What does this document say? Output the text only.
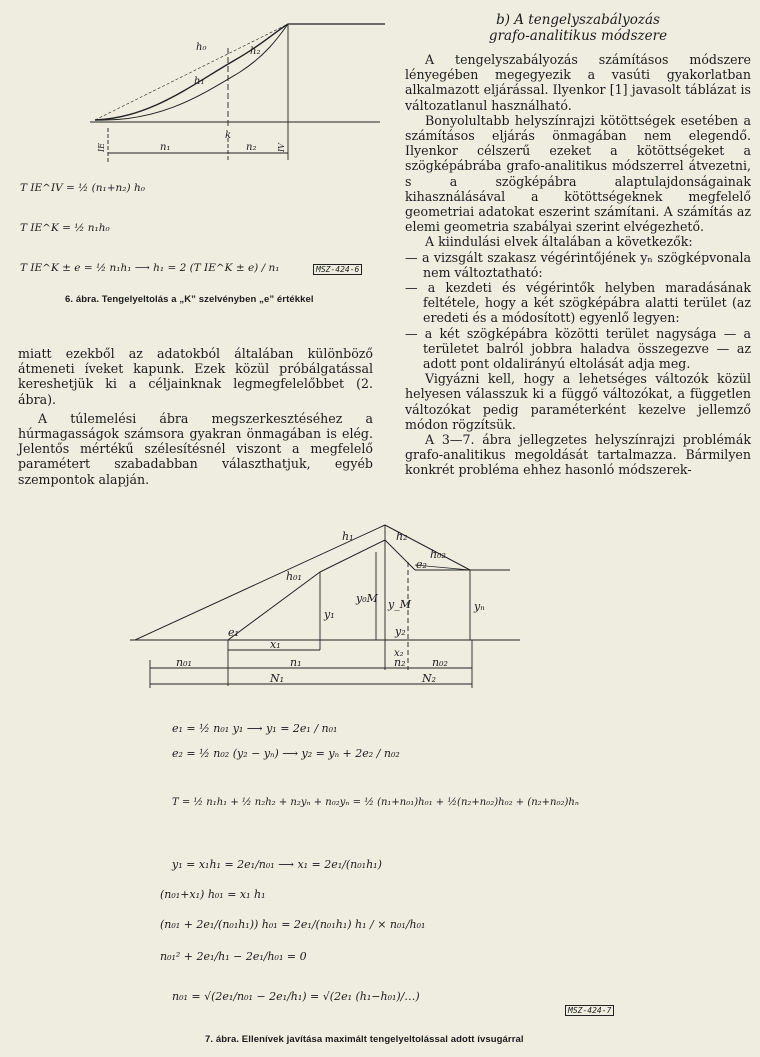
b) A tengelyszabályozás
grafo-analitikus módszere

A tengelyszabályozás számításos módszere lényegében megegyezik a vasúti gyakorlatban alkalmazott eljárással. Ilyenkor [1] javasolt táblázat is változatlanul használható.

Bonyolultabb helyszínrajzi kötöttségek esetében a számításos eljárás önmagában nem elegendő. Ilyenkor célszerű ezeket a kötöttségeket a szögképábrába grafo-analitikus módszerrel átvezetni, s a szögképábra alaptulajdonságainak kihasználásával a kötöttségeknek megfelelő geometriai adatokat eszerint számítani. A számítás az elemi geometria szabályai szerint elvégezhető.

A kiindulási elvek általában a következők:

— a vizsgált szakasz végérintőjének yₙ szögképvonala nem változtatható:

— a kezdeti és végérintők helyben maradásának feltétele, hogy a két szögképábra alatti terület (az eredeti és a módosított) egyenlő legyen:

— a két szögképábra közötti terület nagysága — a területet balról jobbra haladva összegezve — az adott pont oldalirányú eltolását adja meg.

Vigyázni kell, hogy a lehetséges változók közül helyesen válasszuk ki a függő változókat, a független változókat pedig paraméterként kezelve jellemző módon rögzítsük.

A 3—7. ábra jellegzetes helyszínrajzi problémák grafo-analitikus megoldását tartalmazza. Bármilyen konkrét probléma ehhez hasonló módszerek-

h₀
h₁
h₂
k
n₁	n₂
IE	IV
T IE^IV = ½ (n₁+n₂) h₀
T IE^K = ½ n₁h₀
T IE^K ± e = ½ n₁h₁ ⟶ h₁ = 2 (T IE^K ± e) / n₁	MSZ-424-6
6. ábra. Tengelyeltolás a „K” szelvényben „e” értékkel

miatt ezekből az adatokból általában különböző átmeneti íveket kapunk. Ezek közül próbálgatással kereshetjük ki a céljainknak legmegfelelőbbet (2. ábra).

A túlemelési ábra megszerkesztéséhez a húrmagasságok számsora gyakran önmagában is elég. Jelentős mértékű szélesítésnél viszont a megfelelő paramétert szabadabban választhatjuk, egyéb szempontok alapján.

h₁	h₂
h₀₁
h₀₂
e₁
e₂
y₁
y₀M y_M
y₂
yₙ
x₁
x₂
n₀₁	n₁	n₂ n₀₂
N₁	N₂
e₁ = ½ n₀₁ y₁ ⟶ y₁ = 2e₁ / n₀₁
e₂ = ½ n₀₂ (y₂ − yₙ) ⟶ y₂ = yₙ + 2e₂ / n₀₂
T = ½ n₁h₁ + ½ n₂h₂ + n₂yₙ + n₀₂yₙ = ½ (n₁+n₀₁)h₀₁ + ½(n₂+n₀₂)h₀₂ + (n₂+n₀₂)hₙ
y₁ = x₁h₁ = 2e₁/n₀₁ ⟶ x₁ = 2e₁/(n₀₁h₁)
(n₀₁+x₁) h₀₁ = x₁ h₁
(n₀₁ + 2e₁/(n₀₁h₁)) h₀₁ = 2e₁/(n₀₁h₁) h₁ / × n₀₁/h₀₁
n₀₁² + 2e₁/h₁ − 2e₁/h₀₁ = 0
n₀₁ = √(2e₁/n₀₁ − 2e₁/h₁) = √(2e₁ (h₁−h₀₁)/…)
MSZ-424-7
7. ábra. Ellenívek javítása maximált tengelyeltolással adott ívsugárral
